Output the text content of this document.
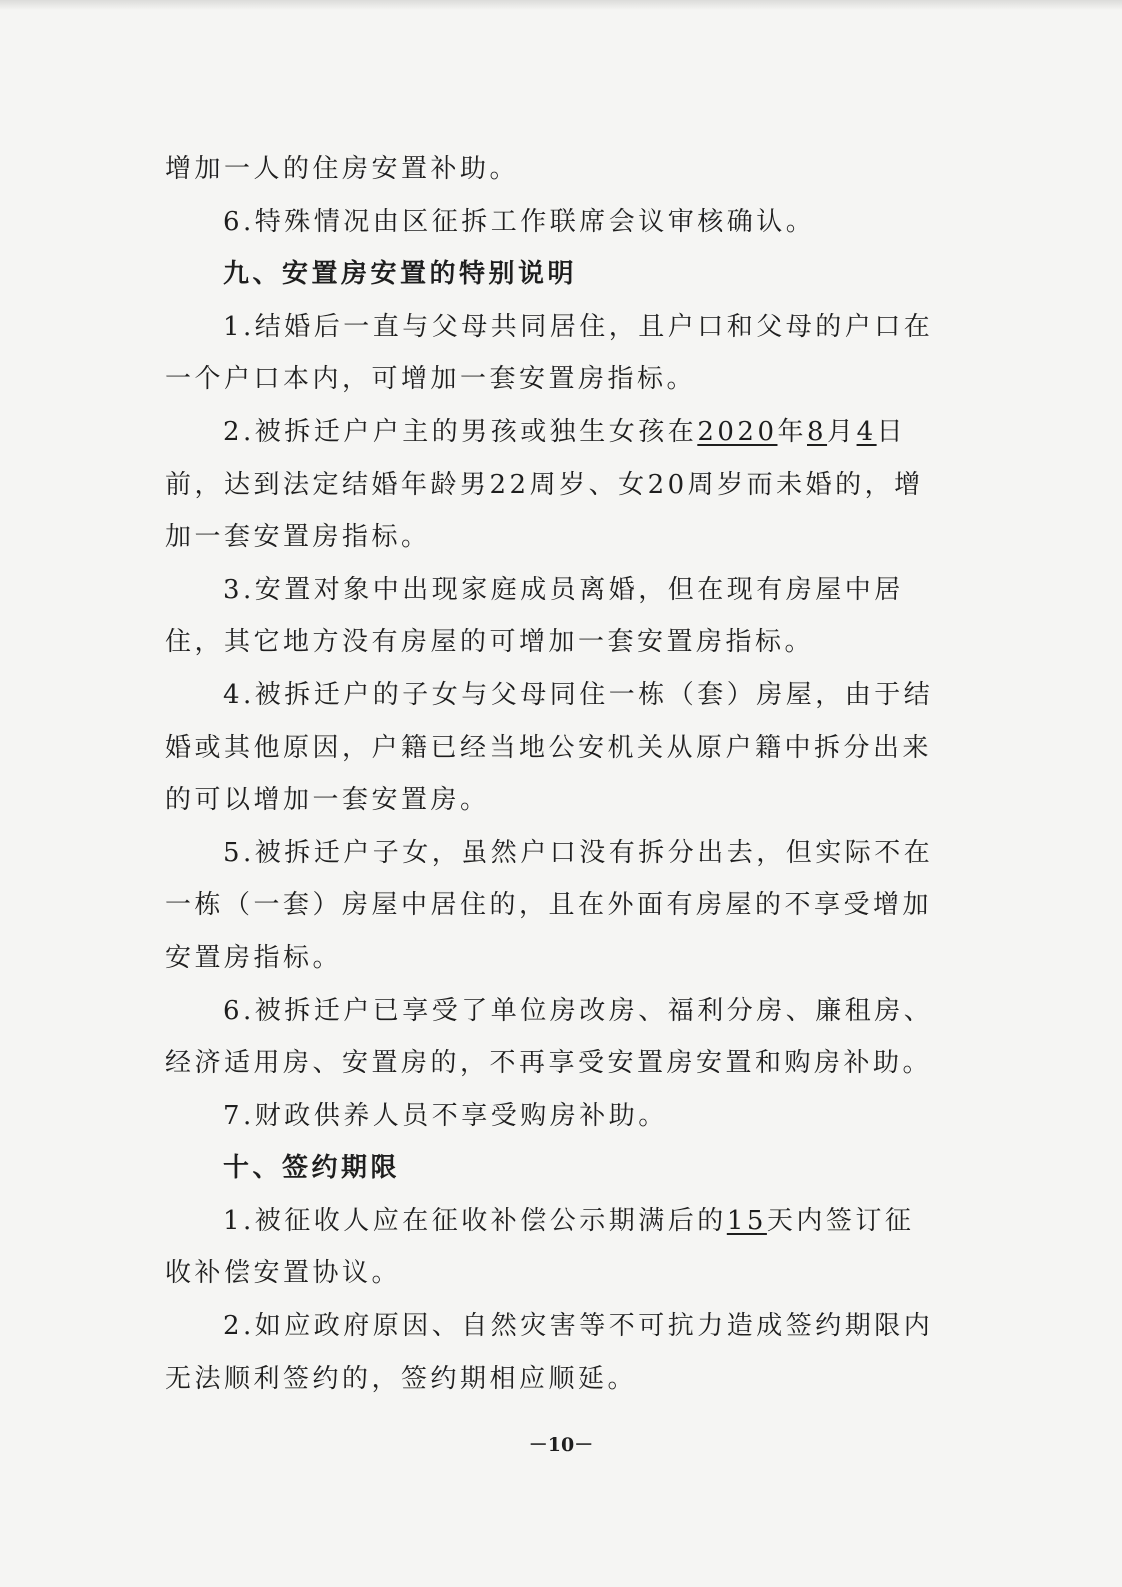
增加一人的住房安置补助。

6.特殊情况由区征拆工作联席会议审核确认。

九、安置房安置的特别说明

1.结婚后一直与父母共同居住，且户口和父母的户口在

一个户口本内，可增加一套安置房指标。

2.被拆迁户户主的男孩或独生女孩在2020年8月4日

前，达到法定结婚年龄男22周岁、女20周岁而未婚的，增

加一套安置房指标。

3.安置对象中出现家庭成员离婚，但在现有房屋中居

住，其它地方没有房屋的可增加一套安置房指标。

4.被拆迁户的子女与父母同住一栋（套）房屋，由于结

婚或其他原因，户籍已经当地公安机关从原户籍中拆分出来

的可以增加一套安置房。

5.被拆迁户子女，虽然户口没有拆分出去，但实际不在

一栋（一套）房屋中居住的，且在外面有房屋的不享受增加

安置房指标。

6.被拆迁户已享受了单位房改房、福利分房、廉租房、

经济适用房、安置房的，不再享受安置房安置和购房补助。

7.财政供养人员不享受购房补助。

十、签约期限

1.被征收人应在征收补偿公示期满后的15天内签订征

收补偿安置协议。

2.如应政府原因、自然灾害等不可抗力造成签约期限内

无法顺利签约的，签约期相应顺延。

－10－
